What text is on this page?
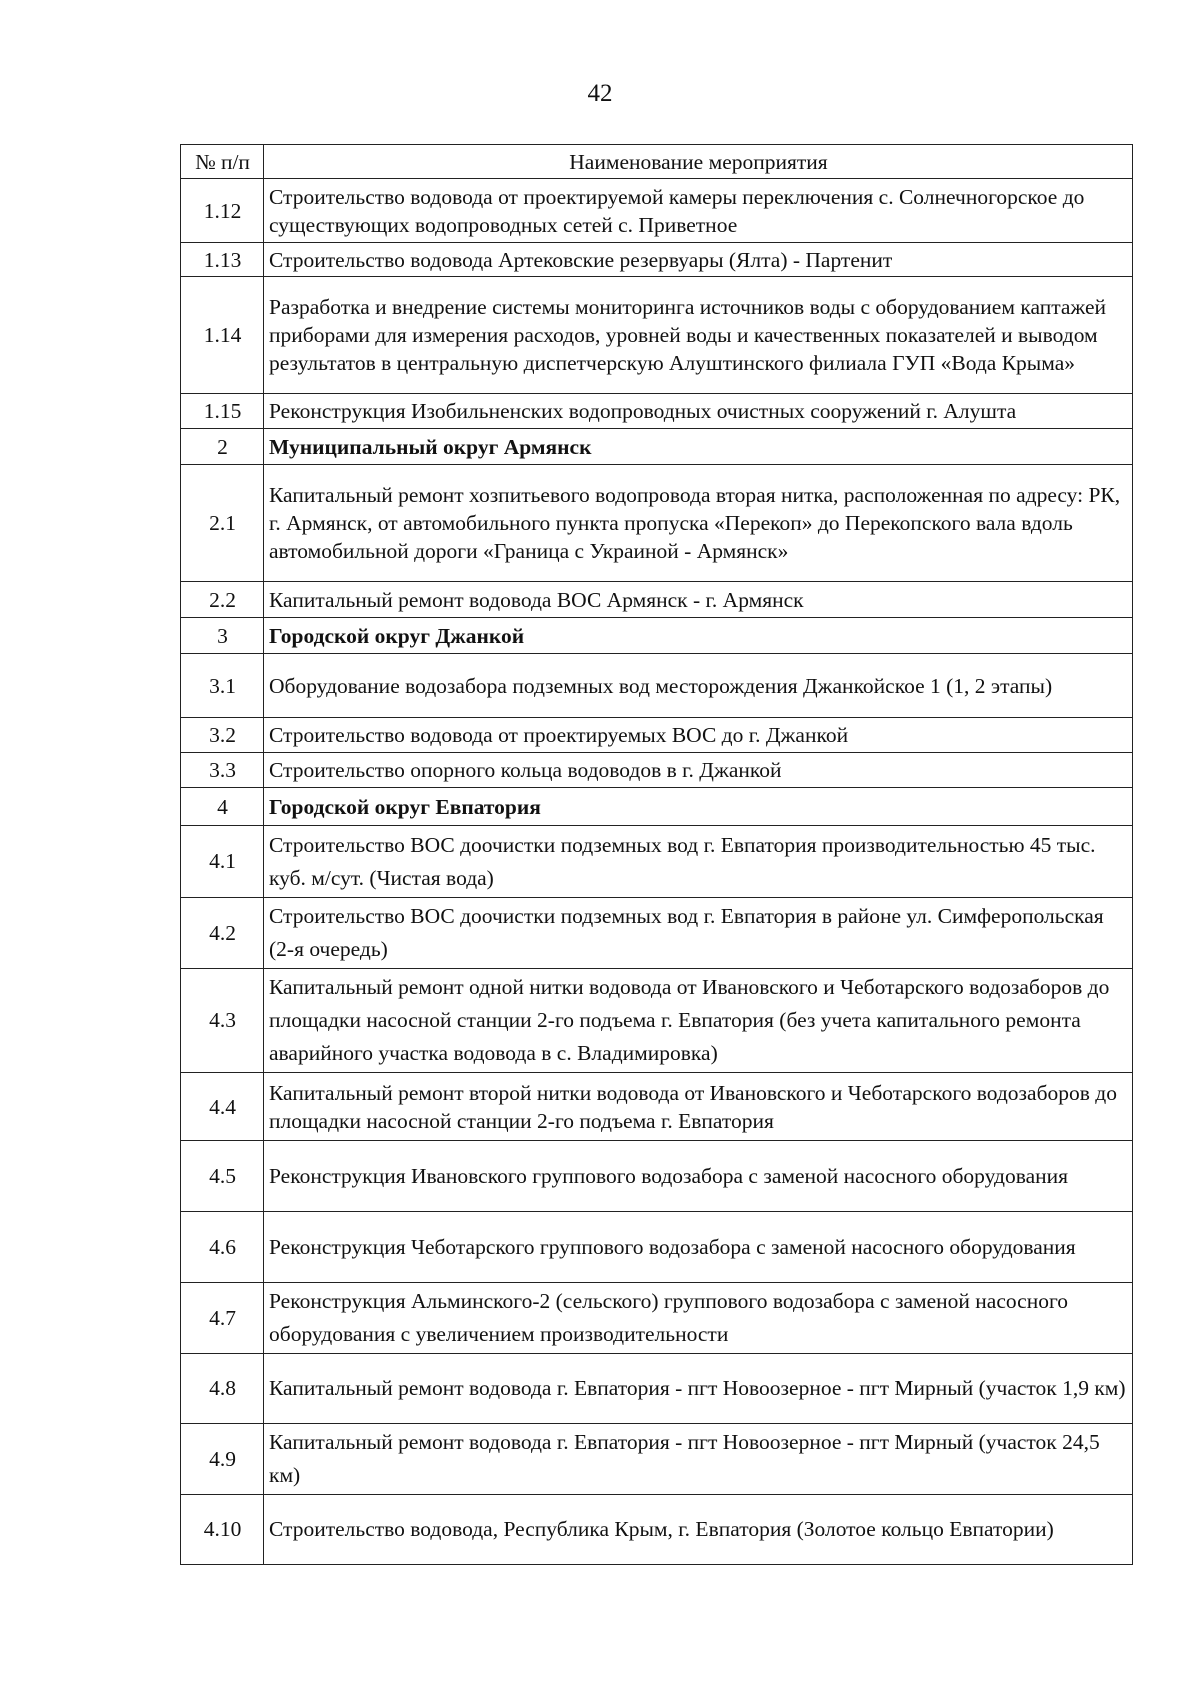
42
№ п/п	Наименование мероприятия
1.12	Строительство водовода от проектируемой камеры переключения с. Солнечногорское до существующих водопроводных сетей с. Приветное
1.13	Строительство водовода Артековские резервуары (Ялта) - Партенит
1.14	Разработка и внедрение системы мониторинга источников воды с оборудованием каптажей приборами для измерения расходов, уровней воды и качественных показателей и выводом результатов в центральную диспетчерскую Алуштинского филиала ГУП «Вода Крыма»
1.15	Реконструкция Изобильненских водопроводных очистных сооружений г. Алушта
2	Муниципальный округ Армянск
2.1	Капитальный ремонт хозпитьевого водопровода вторая нитка, расположенная по адресу: РК, г. Армянск, от автомобильного пункта пропуска «Перекоп» до Перекопского вала вдоль автомобильной дороги «Граница с Украиной - Армянск»
2.2	Капитальный ремонт водовода ВОС Армянск - г. Армянск
3	Городской округ Джанкой
3.1	Оборудование водозабора подземных вод месторождения Джанкойское 1 (1, 2 этапы)
3.2	Строительство водовода от проектируемых ВОС до г. Джанкой
3.3	Строительство опорного кольца водоводов в г. Джанкой
4	Городской округ Евпатория
4.1	Строительство ВОС доочистки подземных вод г. Евпатория производительностью 45 тыс. куб. м/сут. (Чистая вода)
4.2	Строительство ВОС доочистки подземных вод г. Евпатория в районе ул. Симферопольская (2-я очередь)
4.3	Капитальный ремонт одной нитки водовода от Ивановского и Чеботарского водозаборов до площадки насосной станции 2-го подъема г. Евпатория (без учета капитального ремонта аварийного участка водовода в с. Владимировка)
4.4	Капитальный ремонт второй нитки водовода от Ивановского и Чеботарского водозаборов до площадки насосной станции 2-го подъема г. Евпатория
4.5	Реконструкция Ивановского группового водозабора с заменой насосного оборудования
4.6	Реконструкция Чеботарского группового водозабора с заменой насосного оборудования
4.7	Реконструкция Альминского-2 (сельского) группового водозабора с заменой насосного оборудования с увеличением производительности
4.8	Капитальный ремонт водовода г. Евпатория - пгт Новоозерное - пгт Мирный (участок 1,9 км)
4.9	Капитальный ремонт водовода г. Евпатория - пгт Новоозерное - пгт Мирный (участок 24,5 км)
4.10	Строительство водовода, Республика Крым, г. Евпатория (Золотое кольцо Евпатории)
